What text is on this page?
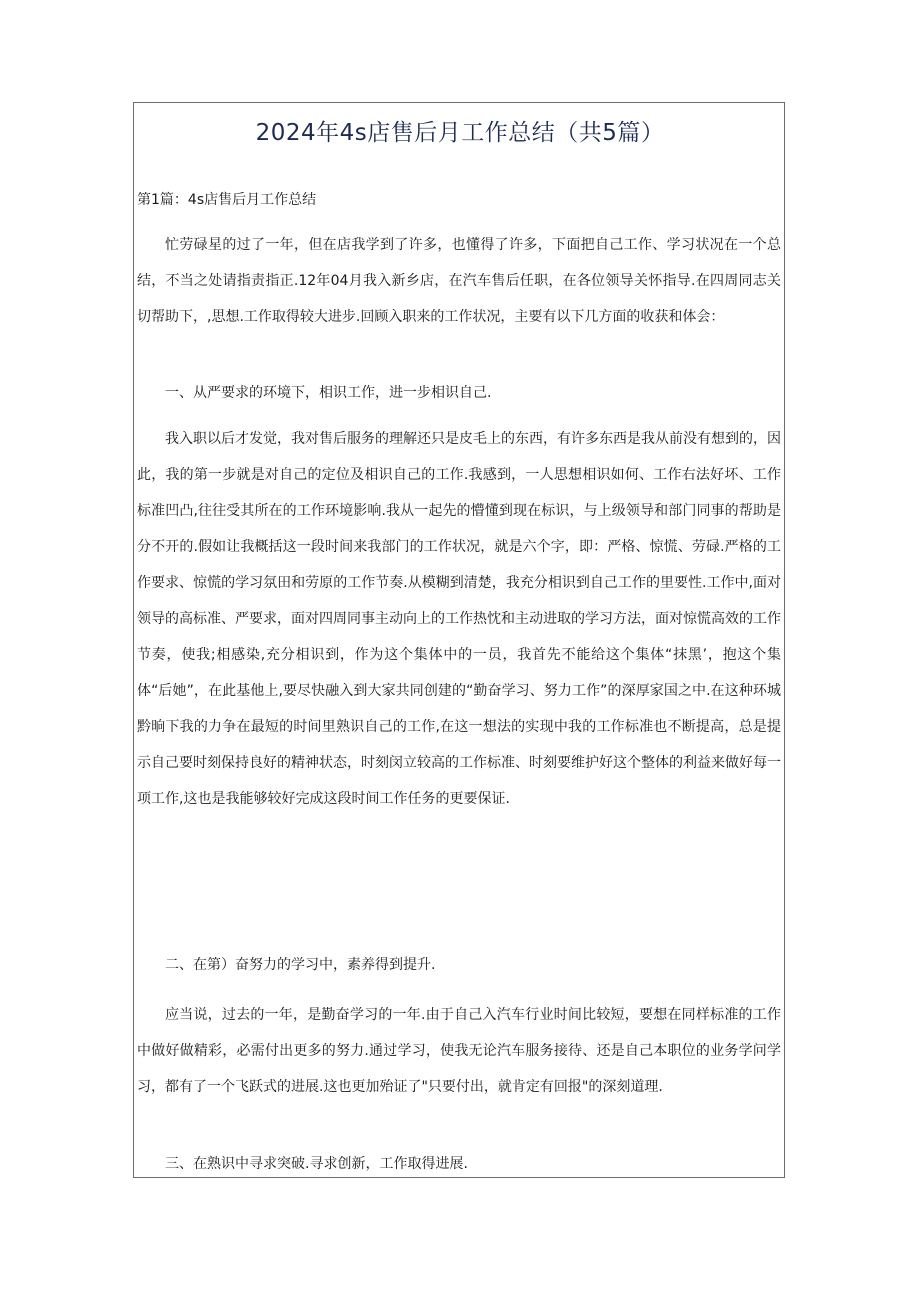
2024年4s店售后月工作总结（共5篇）
第1篇：4s店售后月工作总结

忙劳碌星的过了一年，但在店我学到了许多，也懂得了许多，下面把自己工作、学习状况在一个总结，不当之处请指责指正.12年04月我入新乡店，在汽车售后任职，在各位领导关怀指导.在四周同志关切帮助下，,思想.工作取得较大进步.回顾入职来的工作状况，主要有以下几方面的收获和体会：

一、从严要求的环境下，相识工作，进一步相识自己.

我入职以后才发觉，我对售后服务的理解还只是皮毛上的东西，有许多东西是我从前没有想到的，因此，我的第一步就是对自己的定位及相识自己的工作.我感到，一人思想相识如何、工作右法好坏、工作标准凹凸,往往受其所在的工作环境影响.我从一起先的懵懂到现在标识，与上级领导和部门同事的帮助是分不开的.假如让我概括这一段时间来我部门的工作状况，就是六个字，即：严格、惊慌、劳碌.严格的工作要求、惊慌的学习氛田和劳原的工作节奏.从模糊到清楚，我充分相识到自己工作的里要性.工作中,面对领导的高标准、严要求，面对四周同事主动向上的工作热忱和主动进取的学习方法，面对惊慌高效的工作节奏，使我;相感染,充分相识到，作为这个集体中的一员，我首先不能给这个集体“抹黑’，抱这个集体“后她”，在此基他上,要尽快融入到大家共同创建的“勤奋学习、努力工作”的深厚家国之中.在这种环城黔晌下我的力争在最短的时间里熟识自己的工作,在这一想法的实现中我的工作标准也不断提高，总是提示自己要时刻保持良好的精神状态，时刻闵立较高的工作标准、时刻要维护好这个整体的利益来做好每一项工作,这也是我能够较好完成这段时间工作任务的更要保证.

二、在第）奋努力的学习中，素养得到提升.

应当说，过去的一年，是勤奋学习的一年.由于自己入汽车行业时间比较短，要想在同样标准的工作中做好做精彩，必需付出更多的努力.通过学习，使我无论汽车服务接待、还是自己本职位的业务学问学习，都有了一个飞跃式的进展.这也更加殆证了"只要付出，就肯定有回报"的深刻道理.

三、在熟识中寻求突破.寻求创新，工作取得进展.
